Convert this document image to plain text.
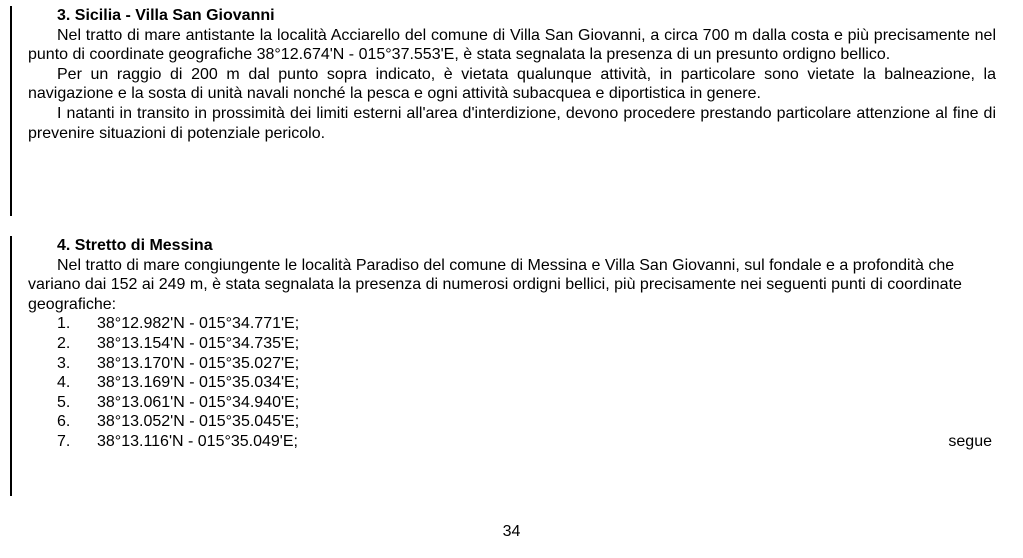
3. Sicilia - Villa San Giovanni

Nel tratto di mare antistante la località Acciarello del comune di Villa San Giovanni, a circa 700 m dalla costa e più precisamente nel punto di coordinate geografiche 38°12.674'N - 015°37.553'E, è stata segnalata la presenza di un presunto ordigno bellico.

Per un raggio di 200 m dal punto sopra indicato, è vietata qualunque attività, in particolare sono vietate la balneazione, la navigazione e la sosta di unità navali nonché la pesca e ogni attività subacquea e diportistica in genere.

I natanti in transito in prossimità dei limiti esterni all'area d'interdizione, devono procedere prestando particolare attenzione al fine di prevenire situazioni di potenziale pericolo.

4. Stretto di Messina

Nel tratto di mare congiungente le località Paradiso del comune di Messina e Villa San Giovanni, sul fondale e a profondità che variano dai 152 ai 249 m, è stata segnalata la presenza di numerosi ordigni bellici, più precisamente nei seguenti punti di coordinate geografiche:

1. 38°12.982'N - 015°34.771'E;
2. 38°13.154'N - 015°34.735'E;
3. 38°13.170'N - 015°35.027'E;
4. 38°13.169'N - 015°35.034'E;
5. 38°13.061'N - 015°34.940'E;
6. 38°13.052'N - 015°35.045'E;
7. 38°13.116'N - 015°35.049'E;	segue
34
